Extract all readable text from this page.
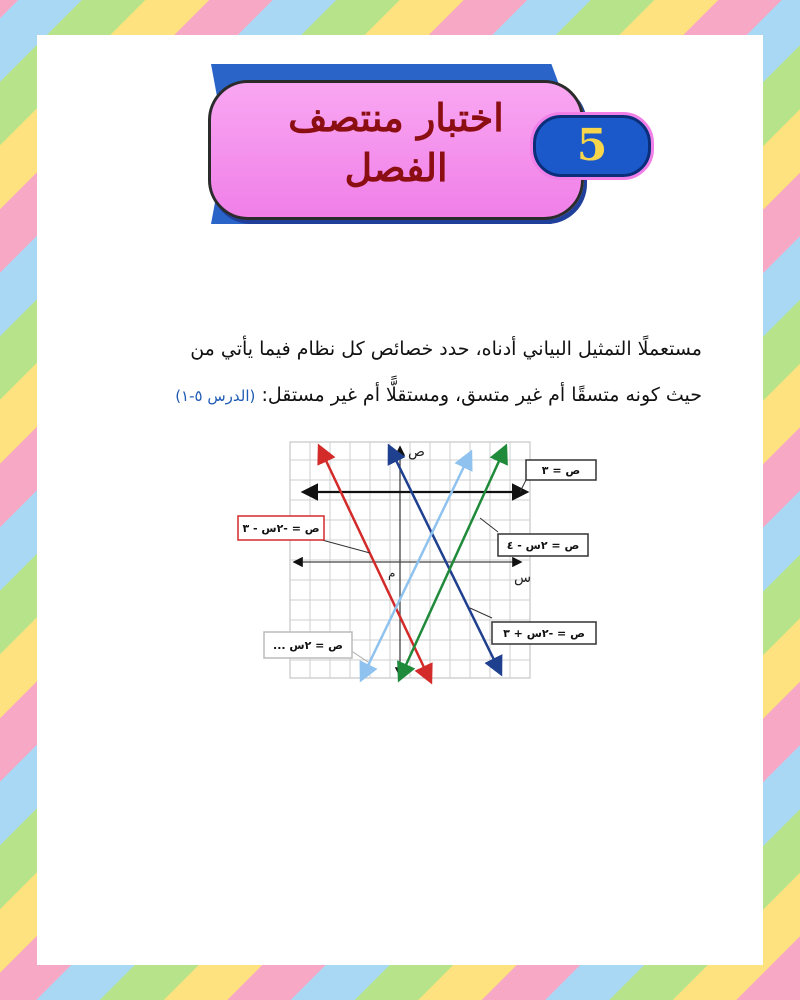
اختبار منتصف
الفصل	5
مستعملًا التمثيل البياني أدناه، حدد خصائص كل نظام فيما يأتي من
حيث كونه متسقًا أم غير متسق، ومستقلًّا أم غير مستقل: (الدرس ٥-١)
س
ص
م
ص = ٣
ص = -٢س - ٣
ص = ٢س - ٤
ص = -٢س + ٣
ص = ٢س ...
